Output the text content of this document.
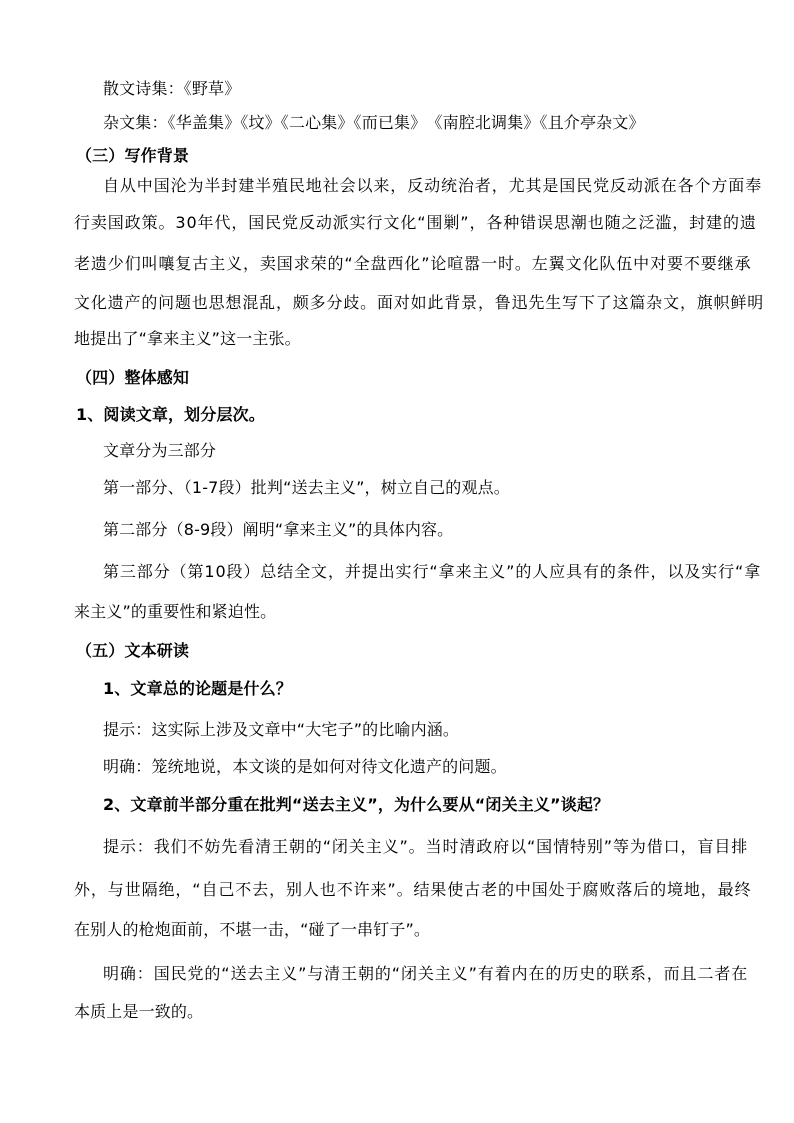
散文诗集：《野草》
杂文集：《华盖集》《坟》《二心集》《而已集》　《南腔北调集》《且介亭杂文》
（三）写作背景
自从中国沦为半封建半殖民地社会以来，反动统治者，尤其是国民党反动派在各个方面奉
行卖国政策。30年代，国民党反动派实行文化“围剿”，各种错误思潮也随之泛滥，封建的遗
老遗少们叫嚷复古主义，卖国求荣的“全盘西化”论喧嚣一时。左翼文化队伍中对要不要继承
文化遗产的问题也思想混乱，颇多分歧。面对如此背景，鲁迅先生写下了这篇杂文，旗帜鲜明
地提出了“拿来主义”这一主张。
（四）整体感知
1、阅读文章，划分层次。
文章分为三部分
第一部分、（1-7段）批判“送去主义”，树立自己的观点。
第二部分（8-9段）阐明“拿来主义”的具体内容。
第三部分（第10段）总结全文，并提出实行“拿来主义”的人应具有的条件，以及实行“拿
来主义”的重要性和紧迫性。
（五）文本研读
1、文章总的论题是什么？
提示：这实际上涉及文章中“大宅子”的比喻内涵。
明确：笼统地说，本文谈的是如何对待文化遗产的问题。
2、文章前半部分重在批判“送去主义”，为什么要从“闭关主义”谈起？
提示：我们不妨先看清王朝的“闭关主义”。当时清政府以“国情特别”等为借口，盲目排
外，与世隔绝，“自己不去，别人也不许来”。结果使古老的中国处于腐败落后的境地，最终
在别人的枪炮面前，不堪一击，“碰了一串钉子”。
明确：国民党的“送去主义”与清王朝的“闭关主义”有着内在的历史的联系，而且二者在
本质上是一致的。
